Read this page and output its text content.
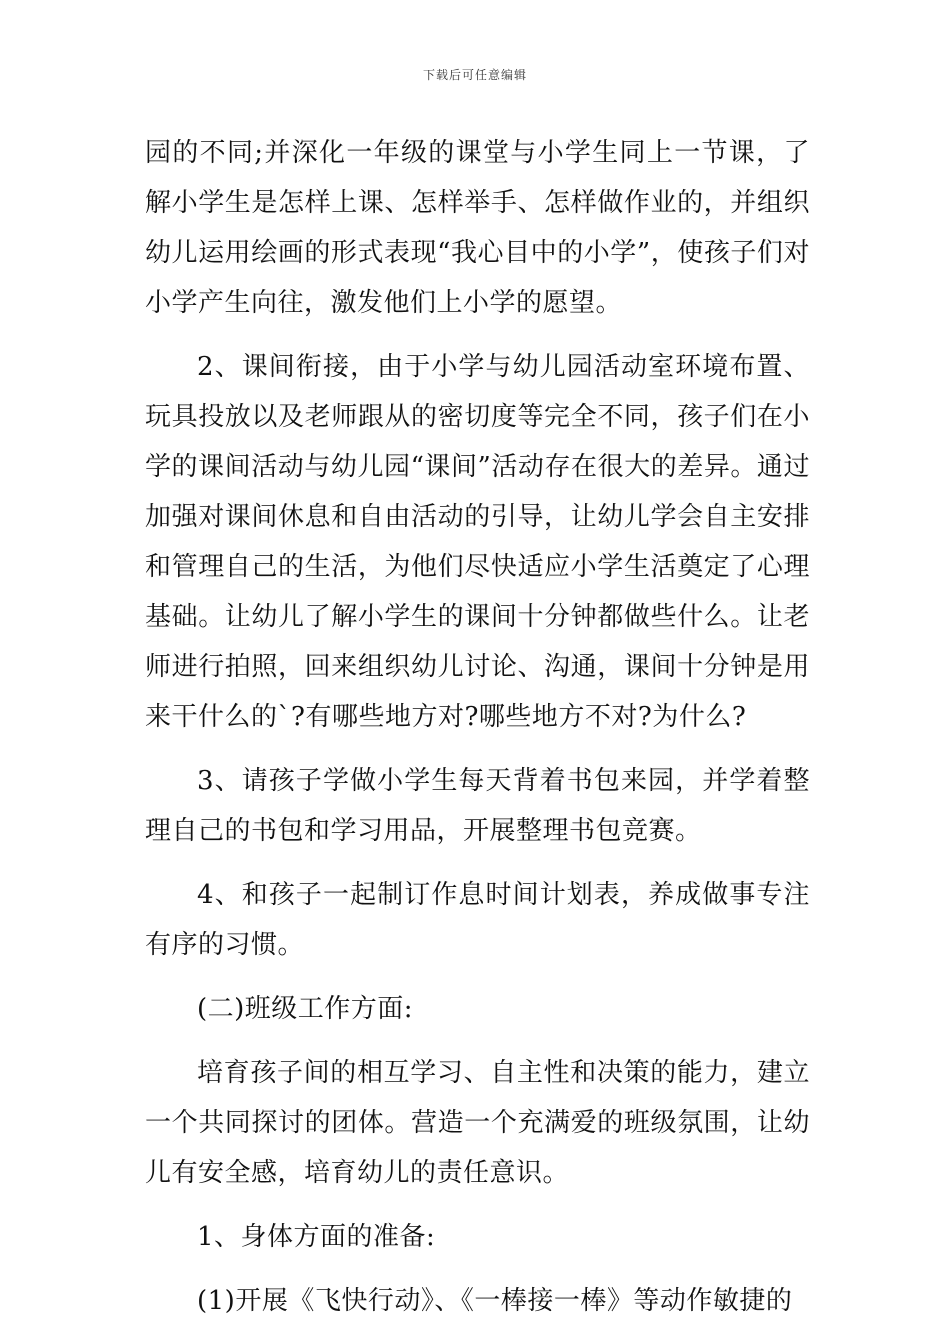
下载后可任意编辑

园的不同;并深化一年级的课堂与小学生同上一节课，了解小学生是怎样上课、怎样举手、怎样做作业的，并组织幼儿运用绘画的形式表现“我心目中的小学”，使孩子们对小学产生向往，激发他们上小学的愿望。

2、课间衔接，由于小学与幼儿园活动室环境布置、玩具投放以及老师跟从的密切度等完全不同，孩子们在小学的课间活动与幼儿园“课间”活动存在很大的差异。通过加强对课间休息和自由活动的引导，让幼儿学会自主安排和管理自己的生活，为他们尽快适应小学生活奠定了心理基础。让幼儿了解小学生的课间十分钟都做些什么。让老师进行拍照，回来组织幼儿讨论、沟通，课间十分钟是用来干什么的`?有哪些地方对?哪些地方不对?为什么?

3、请孩子学做小学生每天背着书包来园，并学着整理自己的书包和学习用品，开展整理书包竞赛。

4、和孩子一起制订作息时间计划表，养成做事专注有序的习惯。

(二)班级工作方面:

培育孩子间的相互学习、自主性和决策的能力，建立一个共同探讨的团体。营造一个充满爱的班级氛围，让幼儿有安全感，培育幼儿的责任意识。

1、身体方面的准备:

(1)开展《飞快行动》、《一棒接一棒》等动作敏捷的
